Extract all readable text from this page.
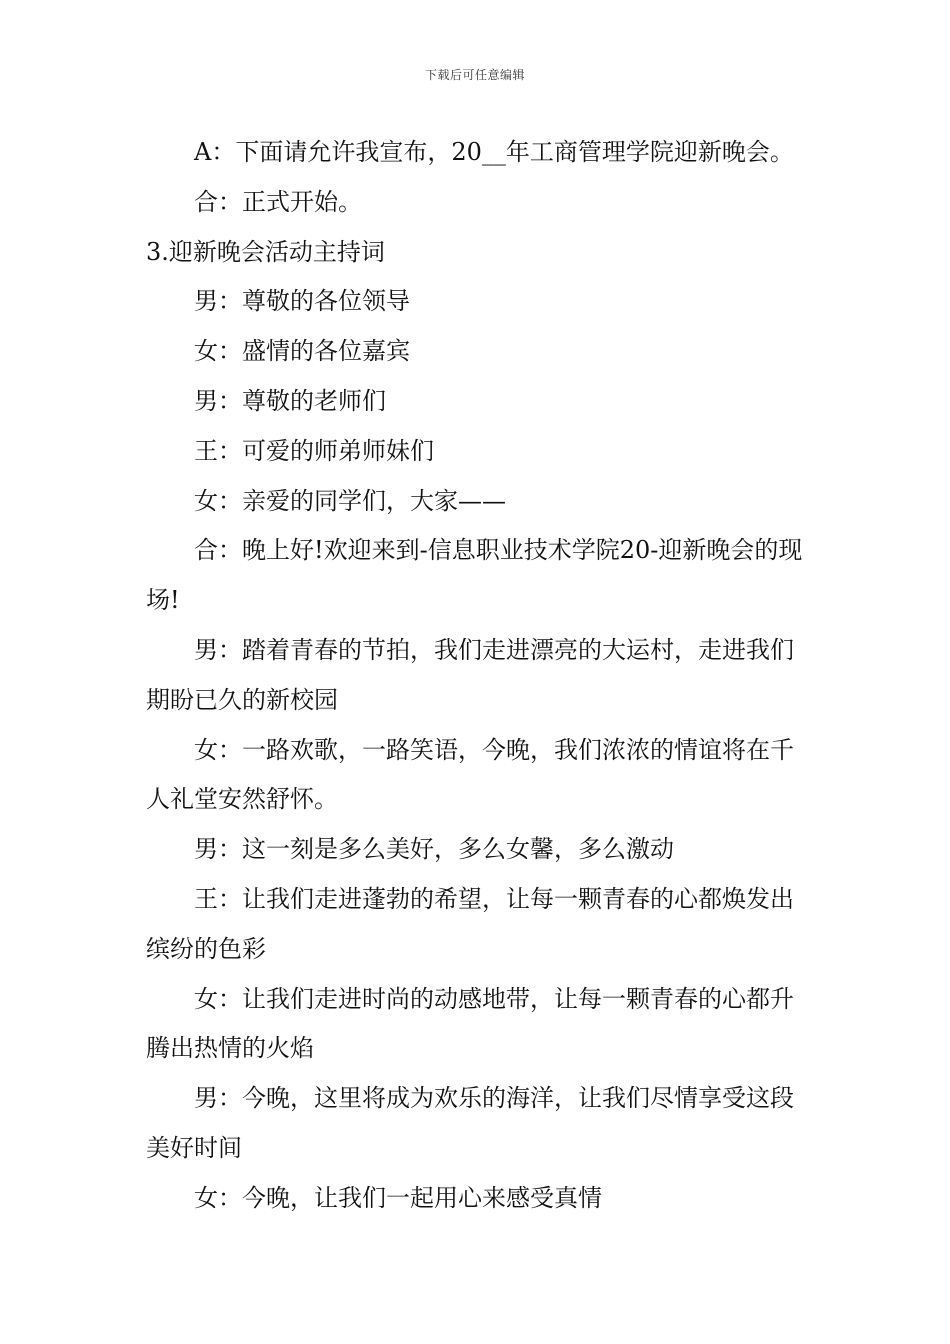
下载后可任意编辑

A：下面请允许我宣布，20__年工商管理学院迎新晚会。

合：正式开始。

3.迎新晚会活动主持词

男：尊敬的各位领导

女：盛情的各位嘉宾

男：尊敬的老师们

王：可爱的师弟师妹们

女：亲爱的同学们，大家——

合：晚上好!欢迎来到-信息职业技术学院20-迎新晚会的现场!

男：踏着青春的节拍，我们走进漂亮的大运村，走进我们期盼已久的新校园

女：一路欢歌，一路笑语，今晚，我们浓浓的情谊将在千人礼堂安然舒怀。

男：这一刻是多么美好，多么女馨，多么激动

王：让我们走进蓬勃的希望，让每一颗青春的心都焕发出缤纷的色彩

女：让我们走进时尚的动感地带，让每一颗青春的心都升腾出热情的火焰

男：今晚，这里将成为欢乐的海洋，让我们尽情享受这段美好时间

女：今晚，让我们一起用心来感受真情
